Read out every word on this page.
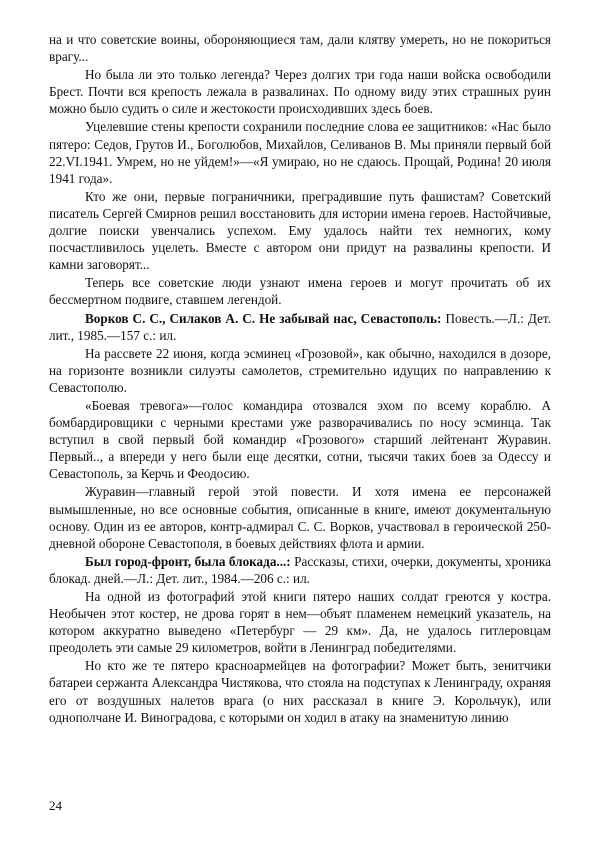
на и что советские воины, обороняющиеся там, дали клятву умереть, но не покориться врагу...

Но была ли это только легенда? Через долгих три года наши войска освободили Брест. Почти вся крепость лежала в развалинах. По одному виду этих страшных руин можно было судить о силе и жестокости происходивших здесь боев.

Уцелевшие стены крепости сохранили последние слова ее защитников: «Нас было пятеро: Седов, Грутов И., Боголюбов, Михайлов, Селиванов В. Мы приняли первый бой 22.VI.1941. Умрем, но не уйдем!»—«Я умираю, но не сдаюсь. Прощай, Родина! 20 июля 1941 года».

Кто же они, первые пограничники, преградившие путь фашистам? Советский писатель Сергей Смирнов решил восстановить для истории имена героев. Настойчивые, долгие поиски увенчались успехом. Ему удалось найти тех немногих, кому посчастливилось уцелеть. Вместе с автором они придут на развалины крепости. И камни заговорят...

Теперь все советские люди узнают имена героев и могут прочитать об их бессмертном подвиге, ставшем легендой.

Ворков С. С., Силаков А. С. Не забывай нас, Севастополь: Повесть.—Л.: Дет. лит., 1985.—157 с.: ил.

На рассвете 22 июня, когда эсминец «Грозовой», как обычно, находился в дозоре, на горизонте возникли силуэты самолетов, стремительно идущих по направлению к Севастополю.

«Боевая тревога»—голос командира отозвался эхом по всему кораблю. А бомбардировщики с черными крестами уже разворачивались по носу эсминца. Так вступил в свой первый бой командир «Грозового» старший лейтенант Журавин. Первый.., а впереди у него были еще десятки, сотни, тысячи таких боев за Одессу и Севастополь, за Керчь и Феодосию.

Журавин—главный герой этой повести. И хотя имена ее персонажей вымышленные, но все основные события, описанные в книге, имеют документальную основу. Один из ее авторов, контр-адмирал С. С. Ворков, участвовал в героической 250-дневной обороне Севастополя, в боевых действиях флота и армии.

Был город-фронт, была блокада...: Рассказы, стихи, очерки, документы, хроника блокад. дней.—Л.: Дет. лит., 1984.—206 с.: ил.

На одной из фотографий этой книги пятеро наших солдат греются у костра. Необычен этот костер, не дрова горят в нем—объят пламенем немецкий указатель, на котором аккуратно выведено «Петербург — 29 км». Да, не удалось гитлеровцам преодолеть эти самые 29 километров, войти в Ленинград победителями.

Но кто же те пятеро красноармейцев на фотографии? Может быть, зенитчики батареи сержанта Александра Чистякова, что стояла на подступах к Ленинграду, охраняя его от воздушных налетов врага (о них рассказал в книге Э. Корольчук), или однополчане И. Виноградова, с которыми он ходил в атаку на знаменитую линию

24
